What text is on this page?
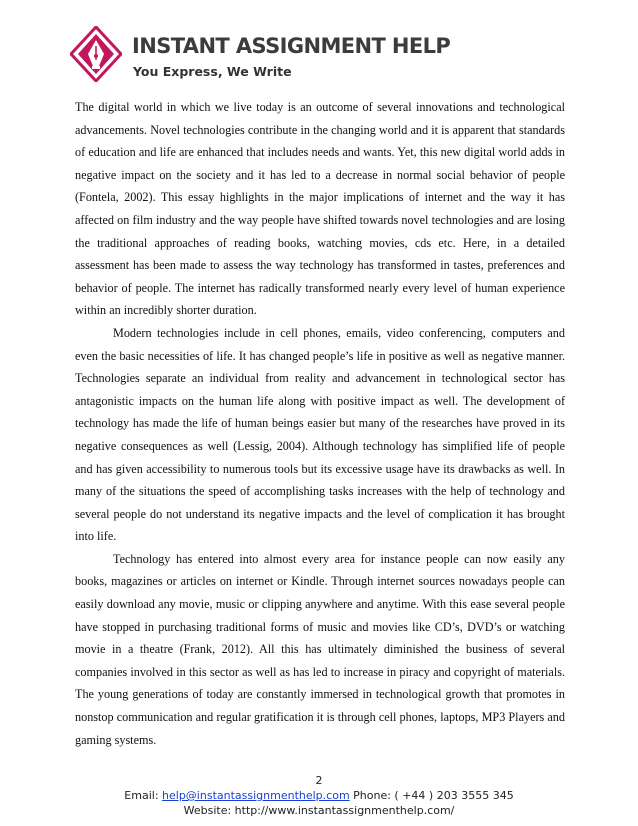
INSTANT ASSIGNMENT HELP
You Express, We Write

The digital world in which we live today is an outcome of several innovations and technological advancements. Novel technologies contribute in the changing world and it is apparent that standards of education and life are enhanced that includes needs and wants. Yet, this new digital world adds in negative impact on the society and it has led to a decrease in normal social behavior of people (Fontela, 2002). This essay highlights in the major implications of internet and the way it has affected on film industry and the way people have shifted towards novel technologies and are losing the traditional approaches of reading books, watching movies, cds etc. Here, in a detailed assessment has been made to assess the way technology has transformed in tastes, preferences and behavior of people. The internet has radically transformed nearly every level of human experience within an incredibly shorter duration.

Modern technologies include in cell phones, emails, video conferencing, computers and even the basic necessities of life. It has changed people’s life in positive as well as negative manner. Technologies separate an individual from reality and advancement in technological sector has antagonistic impacts on the human life along with positive impact as well. The development of technology has made the life of human beings easier but many of the researches have proved in its negative consequences as well (Lessig, 2004). Although technology has simplified life of people and has given accessibility to numerous tools but its excessive usage have its drawbacks as well. In many of the situations the speed of accomplishing tasks increases with the help of technology and several people do not understand its negative impacts and the level of complication it has brought into life.

Technology has entered into almost every area for instance people can now easily any books, magazines or articles on internet or Kindle. Through internet sources nowadays people can easily download any movie, music or clipping anywhere and anytime. With this ease several people have stopped in purchasing traditional forms of music and movies like CD’s, DVD’s or watching movie in a theatre (Frank, 2012). All this has ultimately diminished the business of several companies involved in this sector as well as has led to increase in piracy and copyright of materials. The young generations of today are constantly immersed in technological growth that promotes in nonstop communication and regular gratification it is through cell phones, laptops, MP3 Players and gaming systems.

2
Email: help@instantassignmenthelp.com Phone: ( +44 ) 203 3555 345
Website: http://www.instantassignmenthelp.com/
